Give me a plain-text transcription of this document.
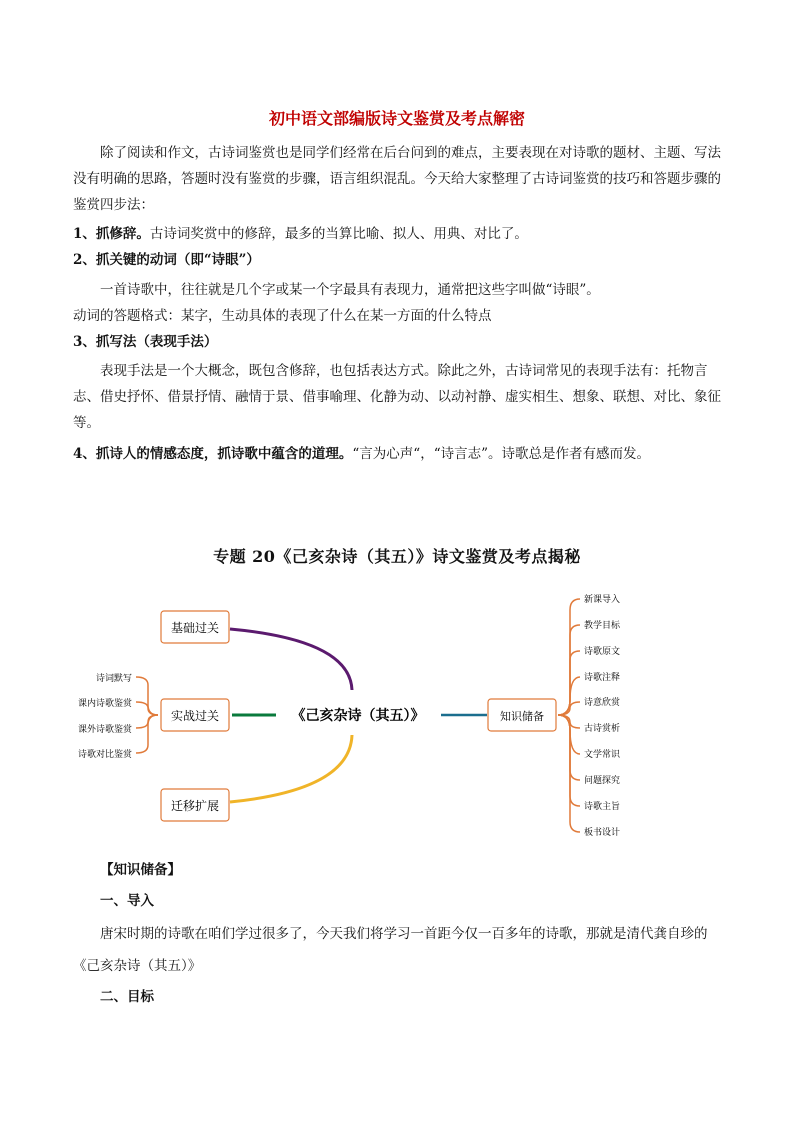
初中语文部编版诗文鉴赏及考点解密
除了阅读和作文，古诗词鉴赏也是同学们经常在后台问到的难点，主要表现在对诗歌的题材、主题、写法没有明确的思路，答题时没有鉴赏的步骤，语言组织混乱。今天给大家整理了古诗词鉴赏的技巧和答题步骤的鉴赏四步法：
1、抓修辞。古诗词奖赏中的修辞，最多的当算比喻、拟人、用典、对比了。
2、抓关键的动词（即“诗眼”）
一首诗歌中，往往就是几个字或某一个字最具有表现力，通常把这些字叫做“诗眼”。
动词的答题格式：某字，生动具体的表现了什么在某一方面的什么特点
3、抓写法（表现手法）
表现手法是一个大概念，既包含修辞，也包括表达方式。除此之外，古诗词常见的表现手法有：托物言志、借史抒怀、借景抒情、融情于景、借事喻理、化静为动、以动衬静、虚实相生、想象、联想、对比、象征等。
4、抓诗人的情感态度，抓诗歌中蕴含的道理。“言为心声“，“诗言志”。诗歌总是作者有感而发。
专题 20《己亥杂诗（其五）》诗文鉴赏及考点揭秘
基础过关
实战过关
迁移扩展
《己亥杂诗（其五）》
诗词默写
课内诗歌鉴赏
课外诗歌鉴赏
诗歌对比鉴赏
知识储备
新课导入
教学目标
诗歌原文
诗歌注释
诗意欣赏
古诗赏析
文学常识
问题探究
诗歌主旨
板书设计
【知识储备】
一、导入
唐宋时期的诗歌在咱们学过很多了，今天我们将学习一首距今仅一百多年的诗歌，那就是清代龚自珍的《己亥杂诗（其五）》
二、目标
